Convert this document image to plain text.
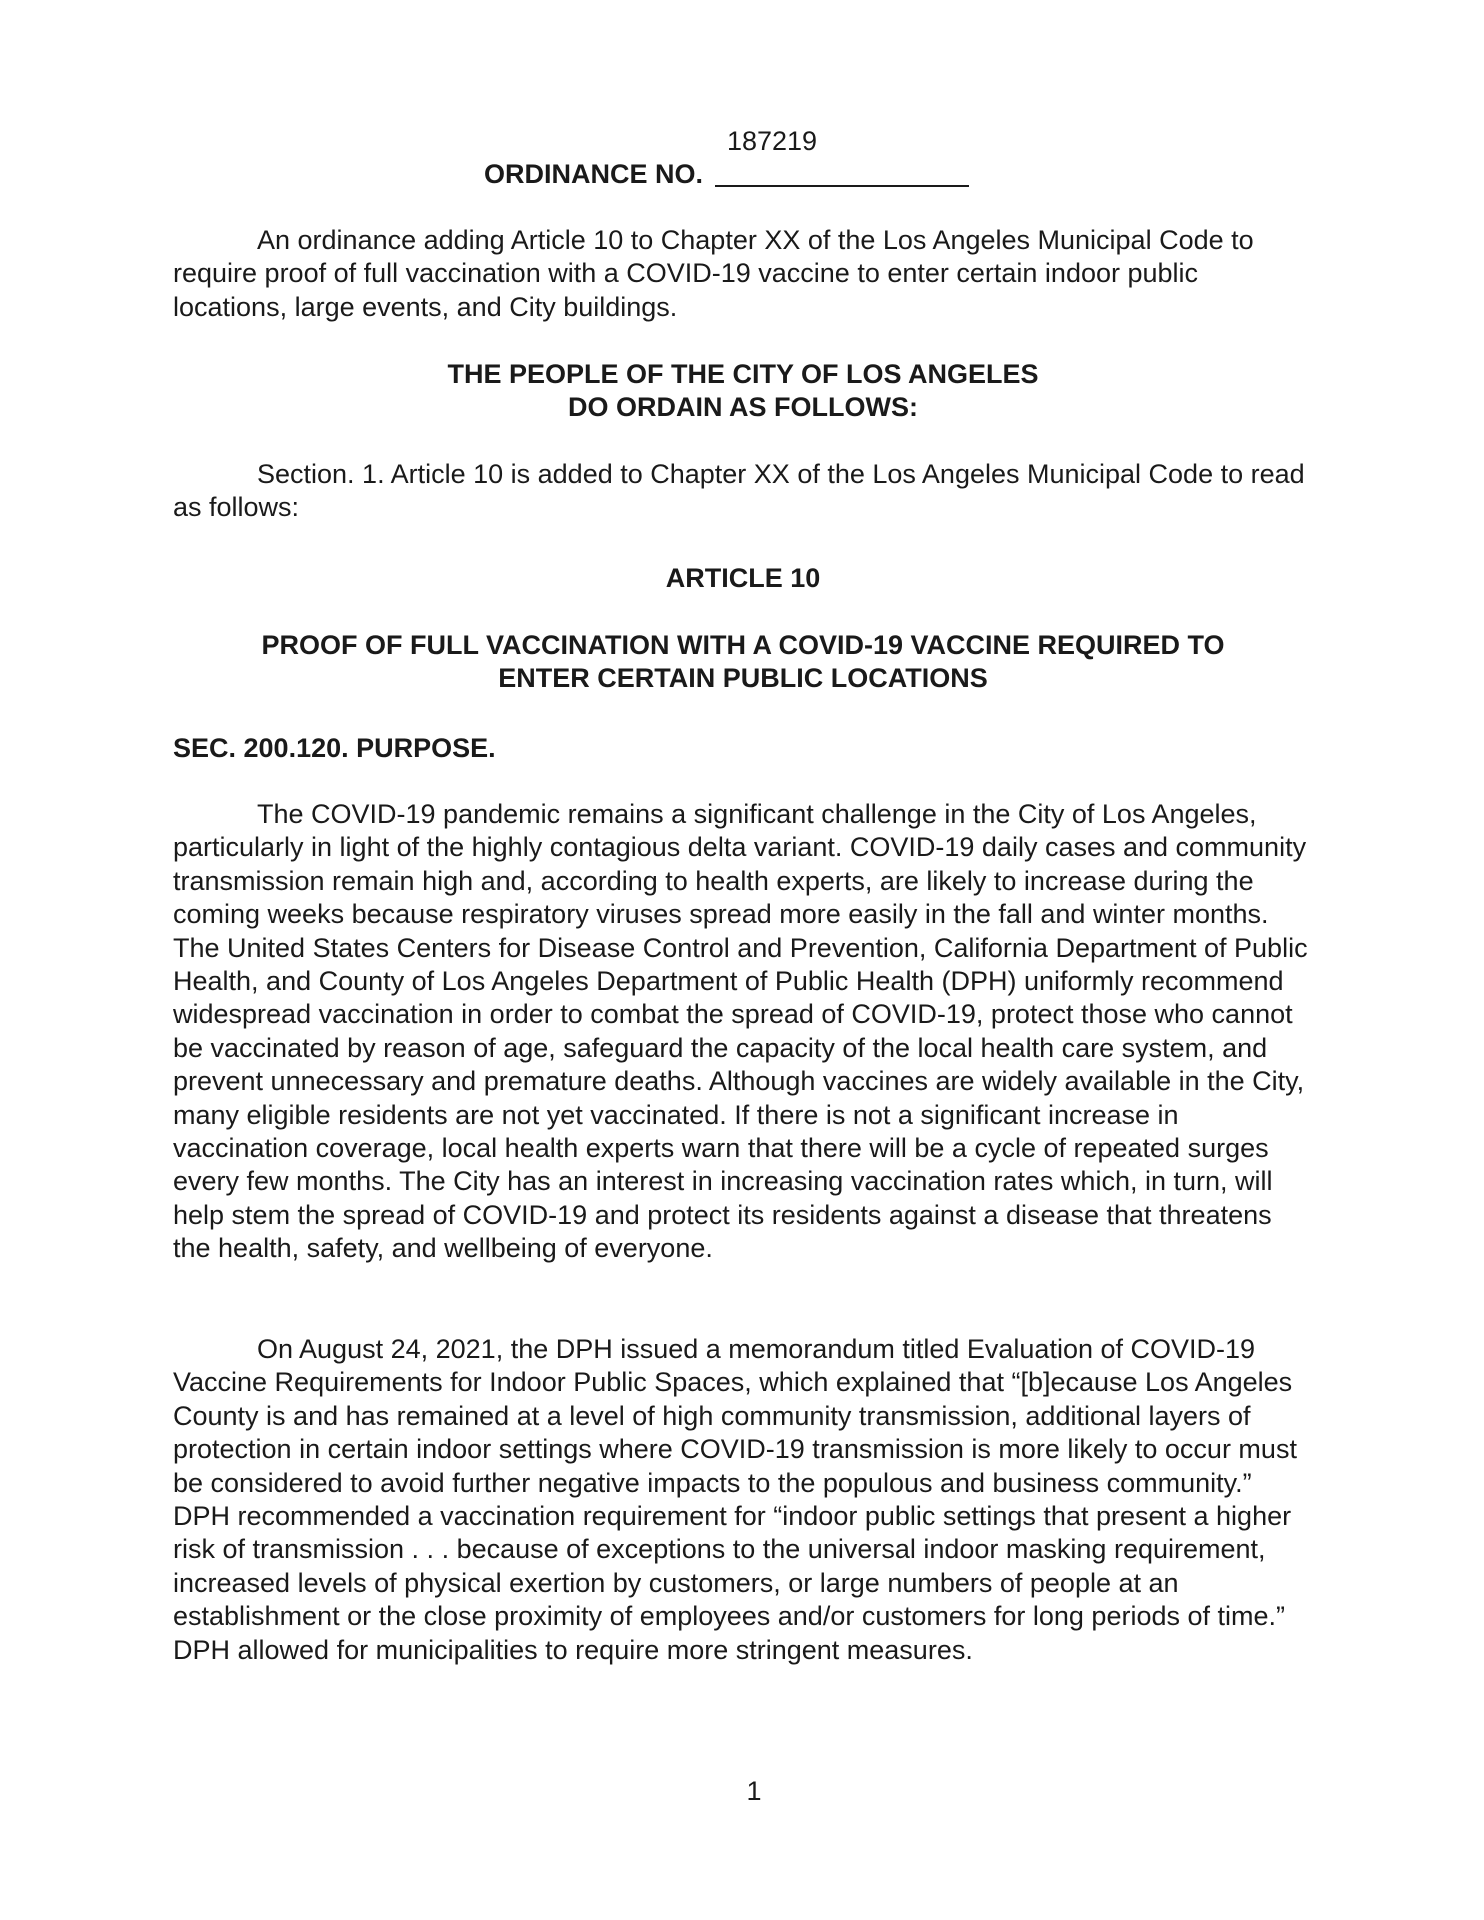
187219
ORDINANCE NO.
An ordinance adding Article 10 to Chapter XX of the Los Angeles Municipal Code to require proof of full vaccination with a COVID-19 vaccine to enter certain indoor public locations, large events, and City buildings.
THE PEOPLE OF THE CITY OF LOS ANGELES
DO ORDAIN AS FOLLOWS:
Section. 1. Article 10 is added to Chapter XX of the Los Angeles Municipal Code to read as follows:
ARTICLE 10
PROOF OF FULL VACCINATION WITH A COVID-19 VACCINE REQUIRED TO
ENTER CERTAIN PUBLIC LOCATIONS
SEC. 200.120. PURPOSE.
The COVID-19 pandemic remains a significant challenge in the City of Los Angeles, particularly in light of the highly contagious delta variant. COVID-19 daily cases and community transmission remain high and, according to health experts, are likely to increase during the coming weeks because respiratory viruses spread more easily in the fall and winter months. The United States Centers for Disease Control and Prevention, California Department of Public Health, and County of Los Angeles Department of Public Health (DPH) uniformly recommend widespread vaccination in order to combat the spread of COVID-19, protect those who cannot be vaccinated by reason of age, safeguard the capacity of the local health care system, and prevent unnecessary and premature deaths. Although vaccines are widely available in the City, many eligible residents are not yet vaccinated. If there is not a significant increase in vaccination coverage, local health experts warn that there will be a cycle of repeated surges every few months. The City has an interest in increasing vaccination rates which, in turn, will help stem the spread of COVID-19 and protect its residents against a disease that threatens the health, safety, and wellbeing of everyone.
On August 24, 2021, the DPH issued a memorandum titled Evaluation of COVID-19 Vaccine Requirements for Indoor Public Spaces, which explained that “[b]ecause Los Angeles County is and has remained at a level of high community transmission, additional layers of protection in certain indoor settings where COVID-19 transmission is more likely to occur must be considered to avoid further negative impacts to the populous and business community.” DPH recommended a vaccination requirement for “indoor public settings that present a higher risk of transmission . . . because of exceptions to the universal indoor masking requirement, increased levels of physical exertion by customers, or large numbers of people at an establishment or the close proximity of employees and/or customers for long periods of time.” DPH allowed for municipalities to require more stringent measures.
1
